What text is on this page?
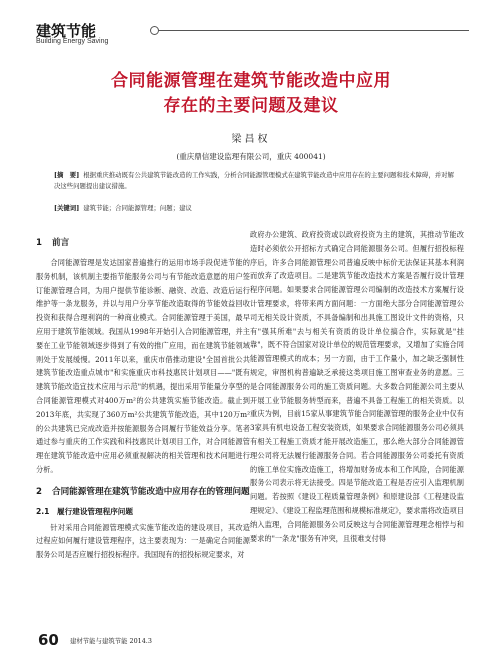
建筑节能
Building Energy Saving
合同能源管理在建筑节能改造中应用
存在的主要问题及建议
梁昌权
(重庆鼎信建设监理有限公司，重庆 400041)
[摘　要] 根据重庆推动既有公共建筑节能改造的工作实践，分析合同能源管理模式在建筑节能改造中应用存在的主要问题和技术障碍，并对解决这些问题提出建议措施。
[关键词] 建筑节能；合同能源管理；问题；建议
1 前言

合同能源管理是发达国家普遍推行的运用市场手段促进节能的服务机制，该机制主要指节能服务公司与有节能改造意愿的用户签订能源管理合同，为用户提供节能诊断、融资、改造、改造后运行维护等一条龙服务，并以与用户分享节能改造取得的节能效益回收投资和获得合理利润的一种商业模式。合同能源管理于美国，最早应用于建筑节能领域。我国从1998年开始引入合同能源管理，并主要在工业节能领域逐步得到了有效的推广应用，而在建筑节能领域则处于发展缓慢。2011年以来，重庆市借推动建设"全国首批公共建筑节能改造重点城市"和实施重庆市科技惠民计划项目——"既有建筑节能改造宜技术应用与示范"的机遇，提出采用节能量分享型的合同能源管理模式对400万m²的公共建筑实施节能改造。截止到2013年底，共实现了360万m²公共建筑节能改造，其中120万m²的公共建筑已完成改造并按能源服务合同履行节能效益分享。笔者通过参与重庆的工作实践和科技惠民计划项目工作，对合同能源管理在建筑节能改造中应用必须重视解决的相关管理和技术问题进行分析。

2 合同能源管理在建筑节能改造中应用存在的管理问题
2.1　 履行建设管理程序问题

针对采用合同能源管理模式实施节能改造的建设项目，其改造过程应如何履行建设管理程序，这主要表现为：一是确定合同能源服务公司是否应履行招投标程序。我国现有的招投标规定要求，对

政府办公建筑、政府投资或以政府投资为主的建筑，其推动节能改造时必须依公开招标方式确定合同能源服务公司。但履行招投标程序后，许多合同能源管理公司普遍反映中标价无法保证其基本利润而放弃了改造项目。二是建筑节能改造技术方案是否履行设计管理程序问题。如果要求合同能源管理公司编制的改造技术方案履行设计管理要求，将带来两方面问题：一方面绝大部分合同能源管理公司无相关设计资质，不具备编制和出具施工图设计文件的资格，只有"强其所难"去与相关有资质的设计单位搞合作，实际就是"挂靠"，既不符合国家对设计单位的规范管理要求，又增加了实施合同能源管理模式的成本；另一方面，由于工作量小，加之缺乏强制性规定，审图机构普遍缺乏承接这类项目施工图审查业务的意愿。三是合同能源服务公司的施工资质问题。大多数合同能源公司主要从开展工业节能服务转型而来，普遍不具备工程施工的相关资质。以重庆为例，目前15家从事建筑节能合同能源管理的服务企业中仅有3家具有机电设备工程安装资质，如果要求合同能源服务公司必须具有相关工程施工资质才能开展改造施工，那么绝大部分合同能源管理公司将无法履行能源服务合同。若合同能源服务公司委托有资质的施工单位实施改造施工，将增加财务成本和工作风险，合同能源服务公司表示将无法接受。四是节能改造工程是否应引入监理机制问题。若按照《建设工程质量管理条例》和原建设部《工程建设监理规定》、《建设工程监理范围和规模标准规定》，要求需将改造项目纳入监理，合同能源服务公司反映这与合同能源管理理念相悖与和要求的"一条龙"服务有冲突，且很难支付得

60 建材节能与建筑节能 2014.3
